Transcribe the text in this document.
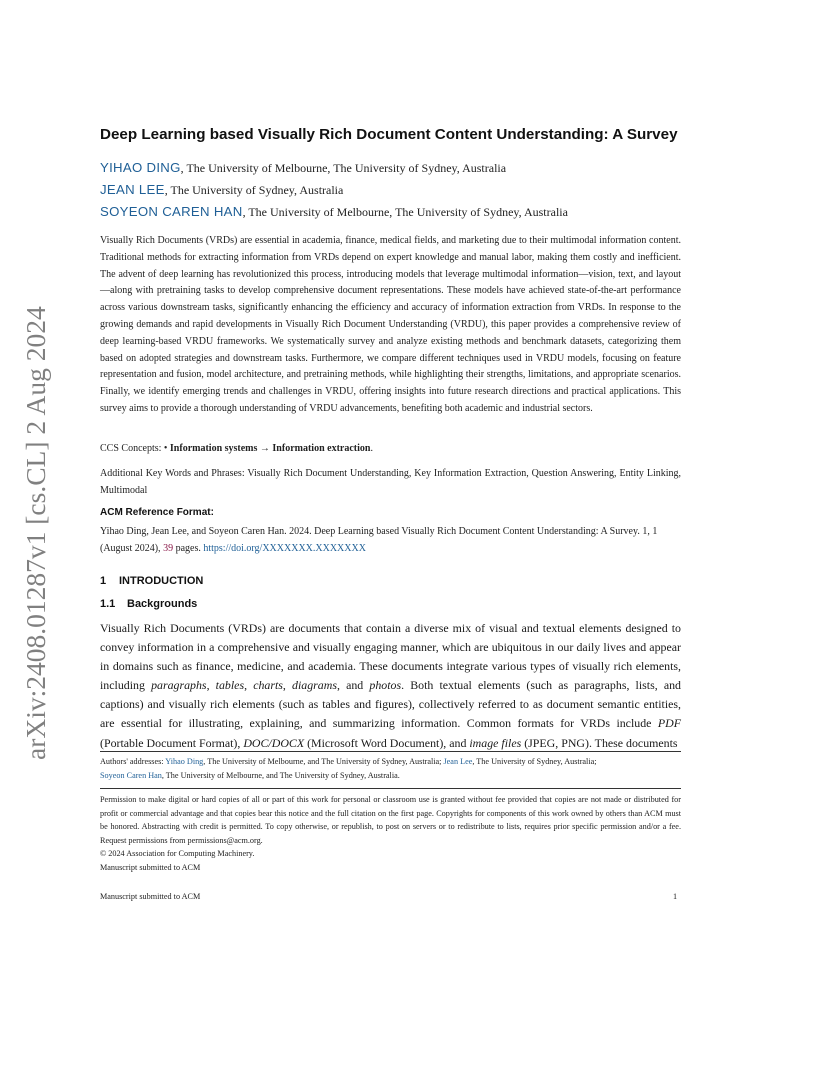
arXiv:2408.01287v1 [cs.CL] 2 Aug 2024
Deep Learning based Visually Rich Document Content Understanding: A Survey
YIHAO DING, The University of Melbourne, The University of Sydney, Australia
JEAN LEE, The University of Sydney, Australia
SOYEON CAREN HAN, The University of Melbourne, The University of Sydney, Australia
Visually Rich Documents (VRDs) are essential in academia, finance, medical fields, and marketing due to their multimodal information content. Traditional methods for extracting information from VRDs depend on expert knowledge and manual labor, making them costly and inefficient. The advent of deep learning has revolutionized this process, introducing models that leverage multimodal information—vision, text, and layout—along with pretraining tasks to develop comprehensive document representations. These models have achieved state-of-the-art performance across various downstream tasks, significantly enhancing the efficiency and accuracy of information extraction from VRDs. In response to the growing demands and rapid developments in Visually Rich Document Understanding (VRDU), this paper provides a comprehensive review of deep learning-based VRDU frameworks. We systematically survey and analyze existing methods and benchmark datasets, categorizing them based on adopted strategies and downstream tasks. Furthermore, we compare different techniques used in VRDU models, focusing on feature representation and fusion, model architecture, and pretraining methods, while highlighting their strengths, limitations, and appropriate scenarios. Finally, we identify emerging trends and challenges in VRDU, offering insights into future research directions and practical applications. This survey aims to provide a thorough understanding of VRDU advancements, benefiting both academic and industrial sectors.
CCS Concepts: • Information systems → Information extraction.
Additional Key Words and Phrases: Visually Rich Document Understanding, Key Information Extraction, Question Answering, Entity Linking, Multimodal
ACM Reference Format:
Yihao Ding, Jean Lee, and Soyeon Caren Han. 2024. Deep Learning based Visually Rich Document Content Understanding: A Survey. 1, 1 (August 2024), 39 pages. https://doi.org/XXXXXXX.XXXXXXX
1 INTRODUCTION
1.1 Backgrounds
Visually Rich Documents (VRDs) are documents that contain a diverse mix of visual and textual elements designed to convey information in a comprehensive and visually engaging manner, which are ubiquitous in our daily lives and appear in domains such as finance, medicine, and academia. These documents integrate various types of visually rich elements, including paragraphs, tables, charts, diagrams, and photos. Both textual elements (such as paragraphs, lists, and captions) and visually rich elements (such as tables and figures), collectively referred to as document semantic entities, are essential for illustrating, explaining, and summarizing information. Common formats for VRDs include PDF (Portable Document Format), DOC/DOCX (Microsoft Word Document), and image files (JPEG, PNG). These documents
Authors' addresses: Yihao Ding, The University of Melbourne, and The University of Sydney, Australia; Jean Lee, The University of Sydney, Australia;
Soyeon Caren Han, The University of Melbourne, and The University of Sydney, Australia.
Permission to make digital or hard copies of all or part of this work for personal or classroom use is granted without fee provided that copies are not made or distributed for profit or commercial advantage and that copies bear this notice and the full citation on the first page. Copyrights for components of this work owned by others than ACM must be honored. Abstracting with credit is permitted. To copy otherwise, or republish, to post on servers or to redistribute to lists, requires prior specific permission and/or a fee. Request permissions from permissions@acm.org.
© 2024 Association for Computing Machinery.
Manuscript submitted to ACM
Manuscript submitted to ACM	1
